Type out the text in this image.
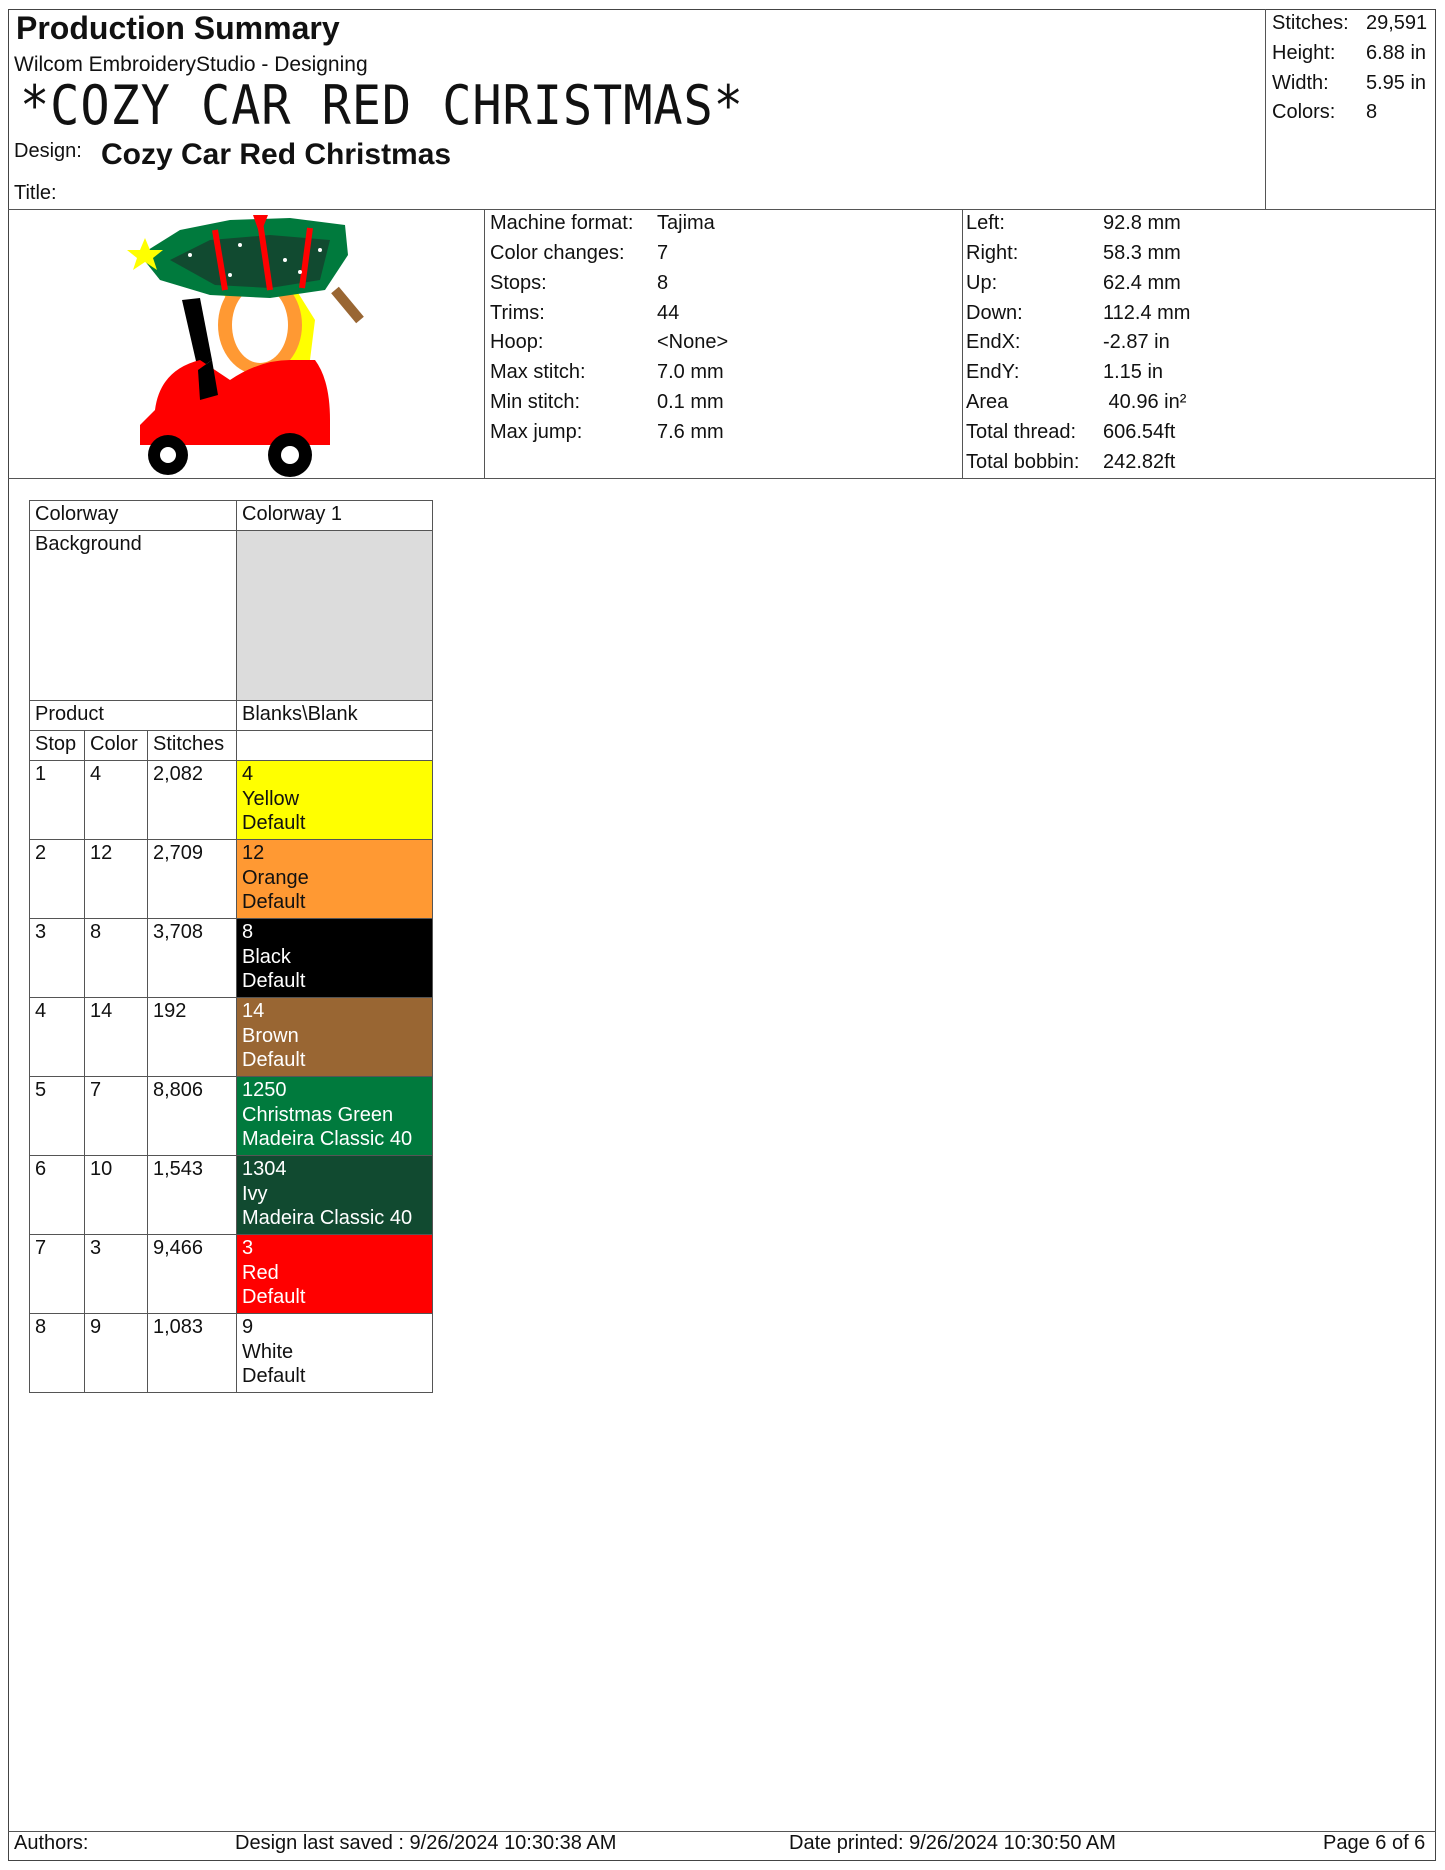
Production Summary
Wilcom EmbroideryStudio - Designing
*COZY CAR RED CHRISTMAS*
Design: Cozy Car Red Christmas
Title:
Stitches: 29,591
Height: 6.88 in
Width: 5.95 in
Colors: 8
Machine format: Tajima
Color changes: 7
Stops:	8
Trims:	44
Hoop:	<None>
Max stitch:	7.0 mm
Min stitch:	0.1 mm
Max jump:	7.6 mm
Left:	92.8 mm
Right:	58.3 mm
Up:	62.4 mm
Down:	112.4 mm
EndX:	-2.87 in
EndY:	1.15 in
Area	40.96 in²
Total thread: 606.54ft
Total bobbin: 242.82ft
Colorway			Colorway 1
Background			
Product			Blanks\Blank
Stop	Color	Stitches	
1	4	2,082	4
Yellow
Default

2	12	2,709	12
Orange
Default

3	8	3,708	8
Black
Default

4	14	192	14
Brown
Default

5	7	8,806	1250
Christmas Green
Madeira Classic 40

6	10	1,543	1304
Ivy
Madeira Classic 40

7	3	9,466	3
Red
Default

8	9	1,083	9
White
Default
Authors:	Design last saved : 9/26/2024 10:30:38 AM	Date printed: 9/26/2024 10:30:50 AM	Page 6 of 6
